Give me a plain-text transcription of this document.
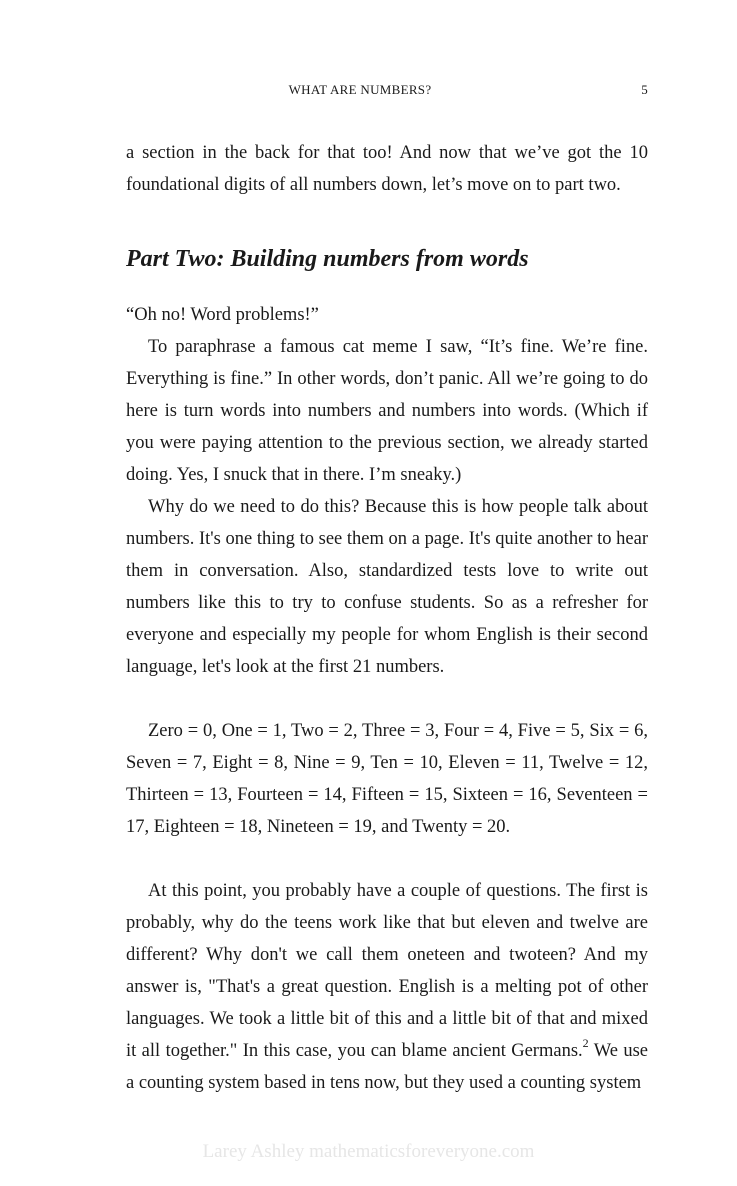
WHAT ARE NUMBERS?	5

a section in the back for that too! And now that we’ve got the 10 foundational digits of all numbers down, let’s move on to part two.

Part Two: Building numbers from words

“Oh no! Word problems!”

To paraphrase a famous cat meme I saw, “It’s fine. We’re fine. Everything is fine.” In other words, don’t panic. All we’re going to do here is turn words into numbers and numbers into words. (Which if you were paying attention to the previous section, we already started doing. Yes, I snuck that in there. I’m sneaky.)

Why do we need to do this? Because this is how people talk about numbers. It's one thing to see them on a page. It's quite another to hear them in conversation. Also, standardized tests love to write out numbers like this to try to confuse students. So as a refresher for everyone and especially my people for whom English is their second language, let's look at the first 21 numbers.

Zero = 0, One = 1, Two = 2, Three = 3, Four = 4, Five = 5, Six = 6, Seven = 7, Eight = 8, Nine = 9, Ten = 10, Eleven = 11, Twelve = 12, Thirteen = 13, Fourteen = 14, Fifteen = 15, Sixteen = 16, Seventeen = 17, Eighteen = 18, Nineteen = 19, and Twenty = 20.

At this point, you probably have a couple of questions. The first is probably, why do the teens work like that but eleven and twelve are different? Why don't we call them oneteen and twoteen? And my answer is, "That's a great question. English is a melting pot of other languages. We took a little bit of this and a little bit of that and mixed it all together." In this case, you can blame ancient Germans.$^2$ We use a counting system based in tens now, but they used a counting system

Larey Ashley mathematicsforeveryone.com
